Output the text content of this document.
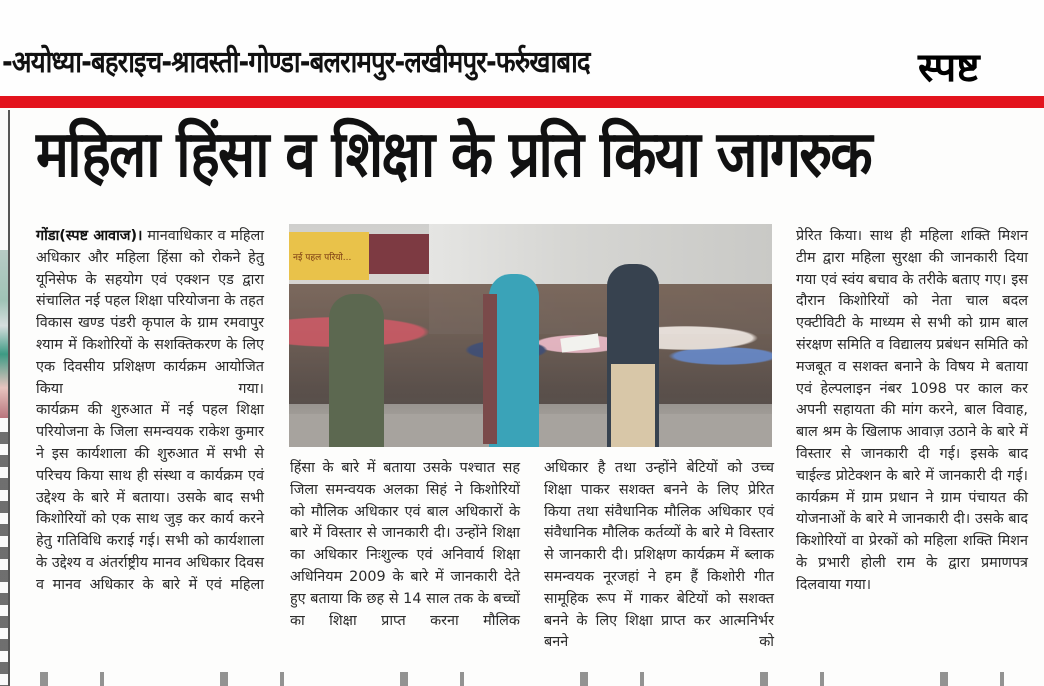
-अयोध्या-बहराइच-श्रावस्ती-गोण्डा-बलरामपुर-लखीमपुर-फर्रुखाबाद	स्पष्ट
महिला हिंसा व शिक्षा के प्रति किया जागरुक

गोंडा(स्पष्ट आवाज)। मानवाधिकार व महिला अधिकार और महिला हिंसा को रोकने हेतु यूनिसेफ के सहयोग एवं एक्शन एड द्वारा संचालित नई पहल शिक्षा परियोजना के तहत विकास खण्ड पंडरी कृपाल के ग्राम रमवापुर श्याम में किशोरियों के सशक्तिकरण के लिए एक दिवसीय प्रशिक्षण कार्यक्रम आयोजित किया गया।

कार्यक्रम की शुरुआत में नई पहल शिक्षा परियोजना के जिला समन्वयक राकेश कुमार ने इस कार्यशाला की शुरुआत में सभी से परिचय किया साथ ही संस्था व कार्यक्रम एवं उद्देश्य के बारे में बताया। उसके बाद सभी किशोरियों को एक साथ जुड़ कर कार्य करने हेतु गतिविधि कराई गई। सभी को कार्यशाला के उद्देश्य व अंतर्राष्ट्रीय मानव अधिकार दिवस व मानव अधिकार के बारे में एवं महिला

नई पहल परियो...

हिंसा के बारे में बताया उसके पश्चात सह जिला समन्वयक अलका सिहं ने किशोरियों को मौलिक अधिकार एवं बाल अधिकारों के बारे में विस्तार से जानकारी दी। उन्होंने शिक्षा का अधिकार निःशुल्क एवं अनिवार्य शिक्षा अधिनियम 2009 के बारे में जानकारी देते हुए बताया कि छह से 14 साल तक के बच्चों का शिक्षा प्राप्त करना मौलिक

अधिकार है तथा उन्होंने बेटियों को उच्च शिक्षा पाकर सशक्त बनने के लिए प्रेरित किया तथा संवैधानिक मौलिक अधिकार एवं संवैधानिक मौलिक कर्तव्यों के बारे मे विस्तार से जानकारी दी। प्रशिक्षण कार्यक्रम में ब्लाक समन्वयक नूरजहां ने हम हैं किशोरी गीत सामूहिक रूप में गाकर बेटियों को सशक्त बनने के लिए शिक्षा प्राप्त कर आत्मनिर्भर बनने को

प्रेरित किया। साथ ही महिला शक्ति मिशन टीम द्वारा महिला सुरक्षा की जानकारी दिया गया एवं स्वंय बचाव के तरीके बताए गए। इस दौरान किशोरियों को नेता चाल बदल एक्टीविटी के माध्यम से सभी को ग्राम बाल संरक्षण समिति व विद्यालय प्रबंधन समिति को मजबूत व सशक्त बनाने के विषय मे बताया एवं हेल्पलाइन नंबर 1098 पर काल कर अपनी सहायता की मांग करने, बाल विवाह, बाल श्रम के खिलाफ आवाज़ उठाने के बारे में विस्तार से जानकारी दी गई। इसके बाद चाईल्ड प्रोटेक्शन के बारे में जानकारी दी गई। कार्यक्रम में ग्राम प्रधान ने ग्राम पंचायत की योजनाओं के बारे मे जानकारी दी। उसके बाद किशोरियों वा प्रेरकों को महिला शक्ति मिशन के प्रभारी होली राम के द्वारा प्रमाणपत्र दिलवाया गया।
